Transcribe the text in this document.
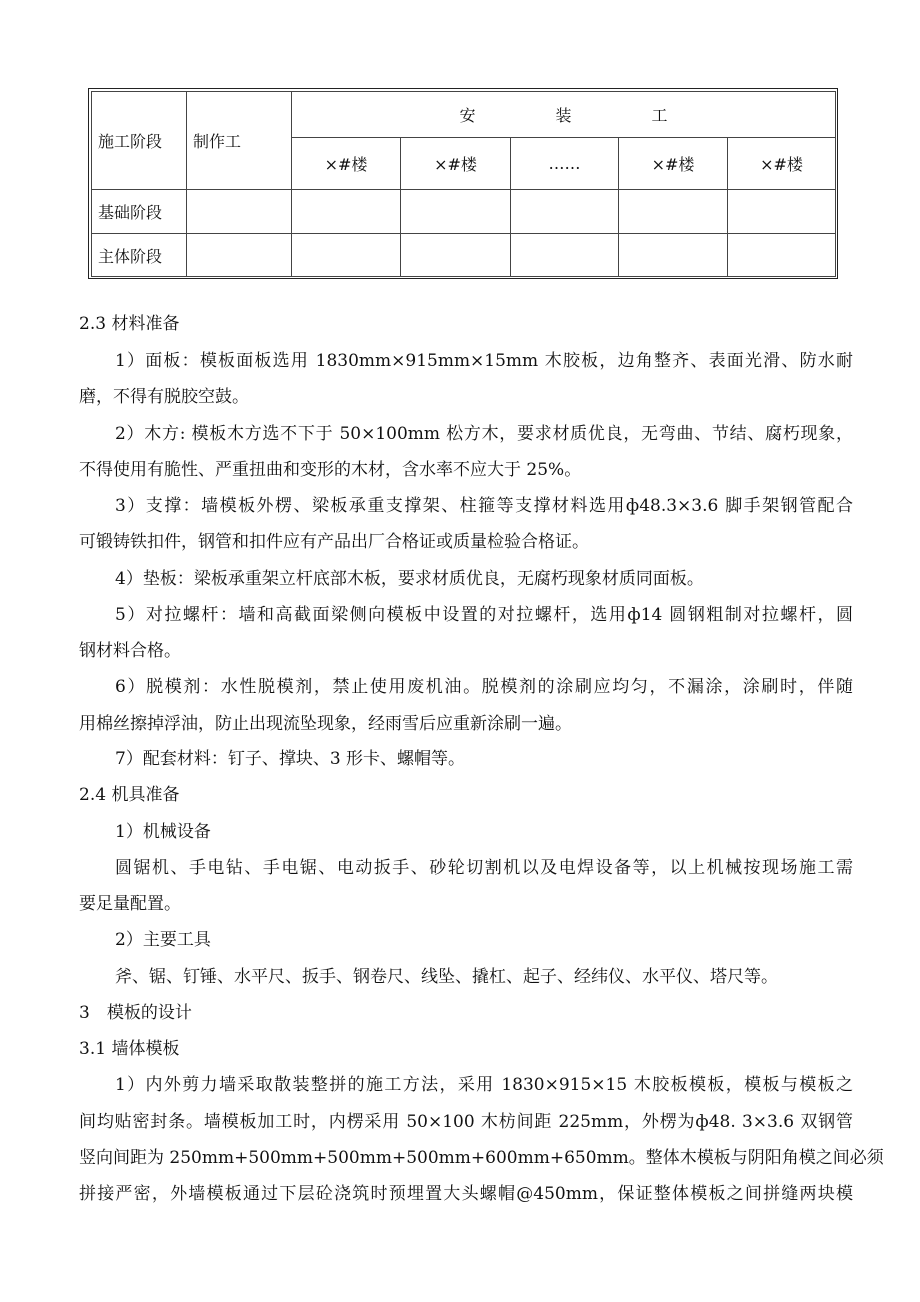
施工阶段	制作工	安 装 工				
		×#楼	×#楼	……	×#楼	×#楼
基础阶段						
主体阶段						
2.3 材料准备
1）面板：模板面板选用 1830mm×915mm×15mm 木胶板，边角整齐、表面光滑、防水耐
磨，不得有脱胶空鼓。
2）木方: 模板木方选不下于 50×100mm 松方木，要求材质优良，无弯曲、节结、腐朽现象，
不得使用有脆性、严重扭曲和变形的木材，含水率不应大于 25%。
3）支撑：墙模板外楞、梁板承重支撑架、柱箍等支撑材料选用ф48.3×3.6 脚手架钢管配合
可锻铸铁扣件，钢管和扣件应有产品出厂合格证或质量检验合格证。
4）垫板：梁板承重架立杆底部木板，要求材质优良，无腐朽现象材质同面板。
5）对拉螺杆：墙和高截面梁侧向模板中设置的对拉螺杆，选用ф14 圆钢粗制对拉螺杆，圆
钢材料合格。
6）脱模剂：水性脱模剂，禁止使用废机油。脱模剂的涂刷应均匀，不漏涂，涂刷时，伴随
用棉丝擦掉浮油，防止出现流坠现象，经雨雪后应重新涂刷一遍。
7）配套材料：钉子、撑块、3 形卡、螺帽等。
2.4 机具准备
1）机械设备
圆锯机、手电钻、手电锯、电动扳手、砂轮切割机以及电焊设备等，以上机械按现场施工需
要足量配置。
2）主要工具
斧、锯、钉锤、水平尺、扳手、钢卷尺、线坠、撬杠、起子、经纬仪、水平仪、塔尺等。
3　模板的设计
3.1 墙体模板
1）内外剪力墙采取散装整拼的施工方法，采用 1830×915×15 木胶板模板，模板与模板之
间均贴密封条。墙模板加工时，内楞采用 50×100 木枋间距 225mm，外楞为ф48. 3×3.6 双钢管
竖向间距为 250mm+500mm+500mm+500mm+600mm+650mm。整体木模板与阴阳角模之间必须
拼接严密，外墙模板通过下层砼浇筑时预埋置大头螺帽@450mm，保证整体模板之间拼缝两块模
